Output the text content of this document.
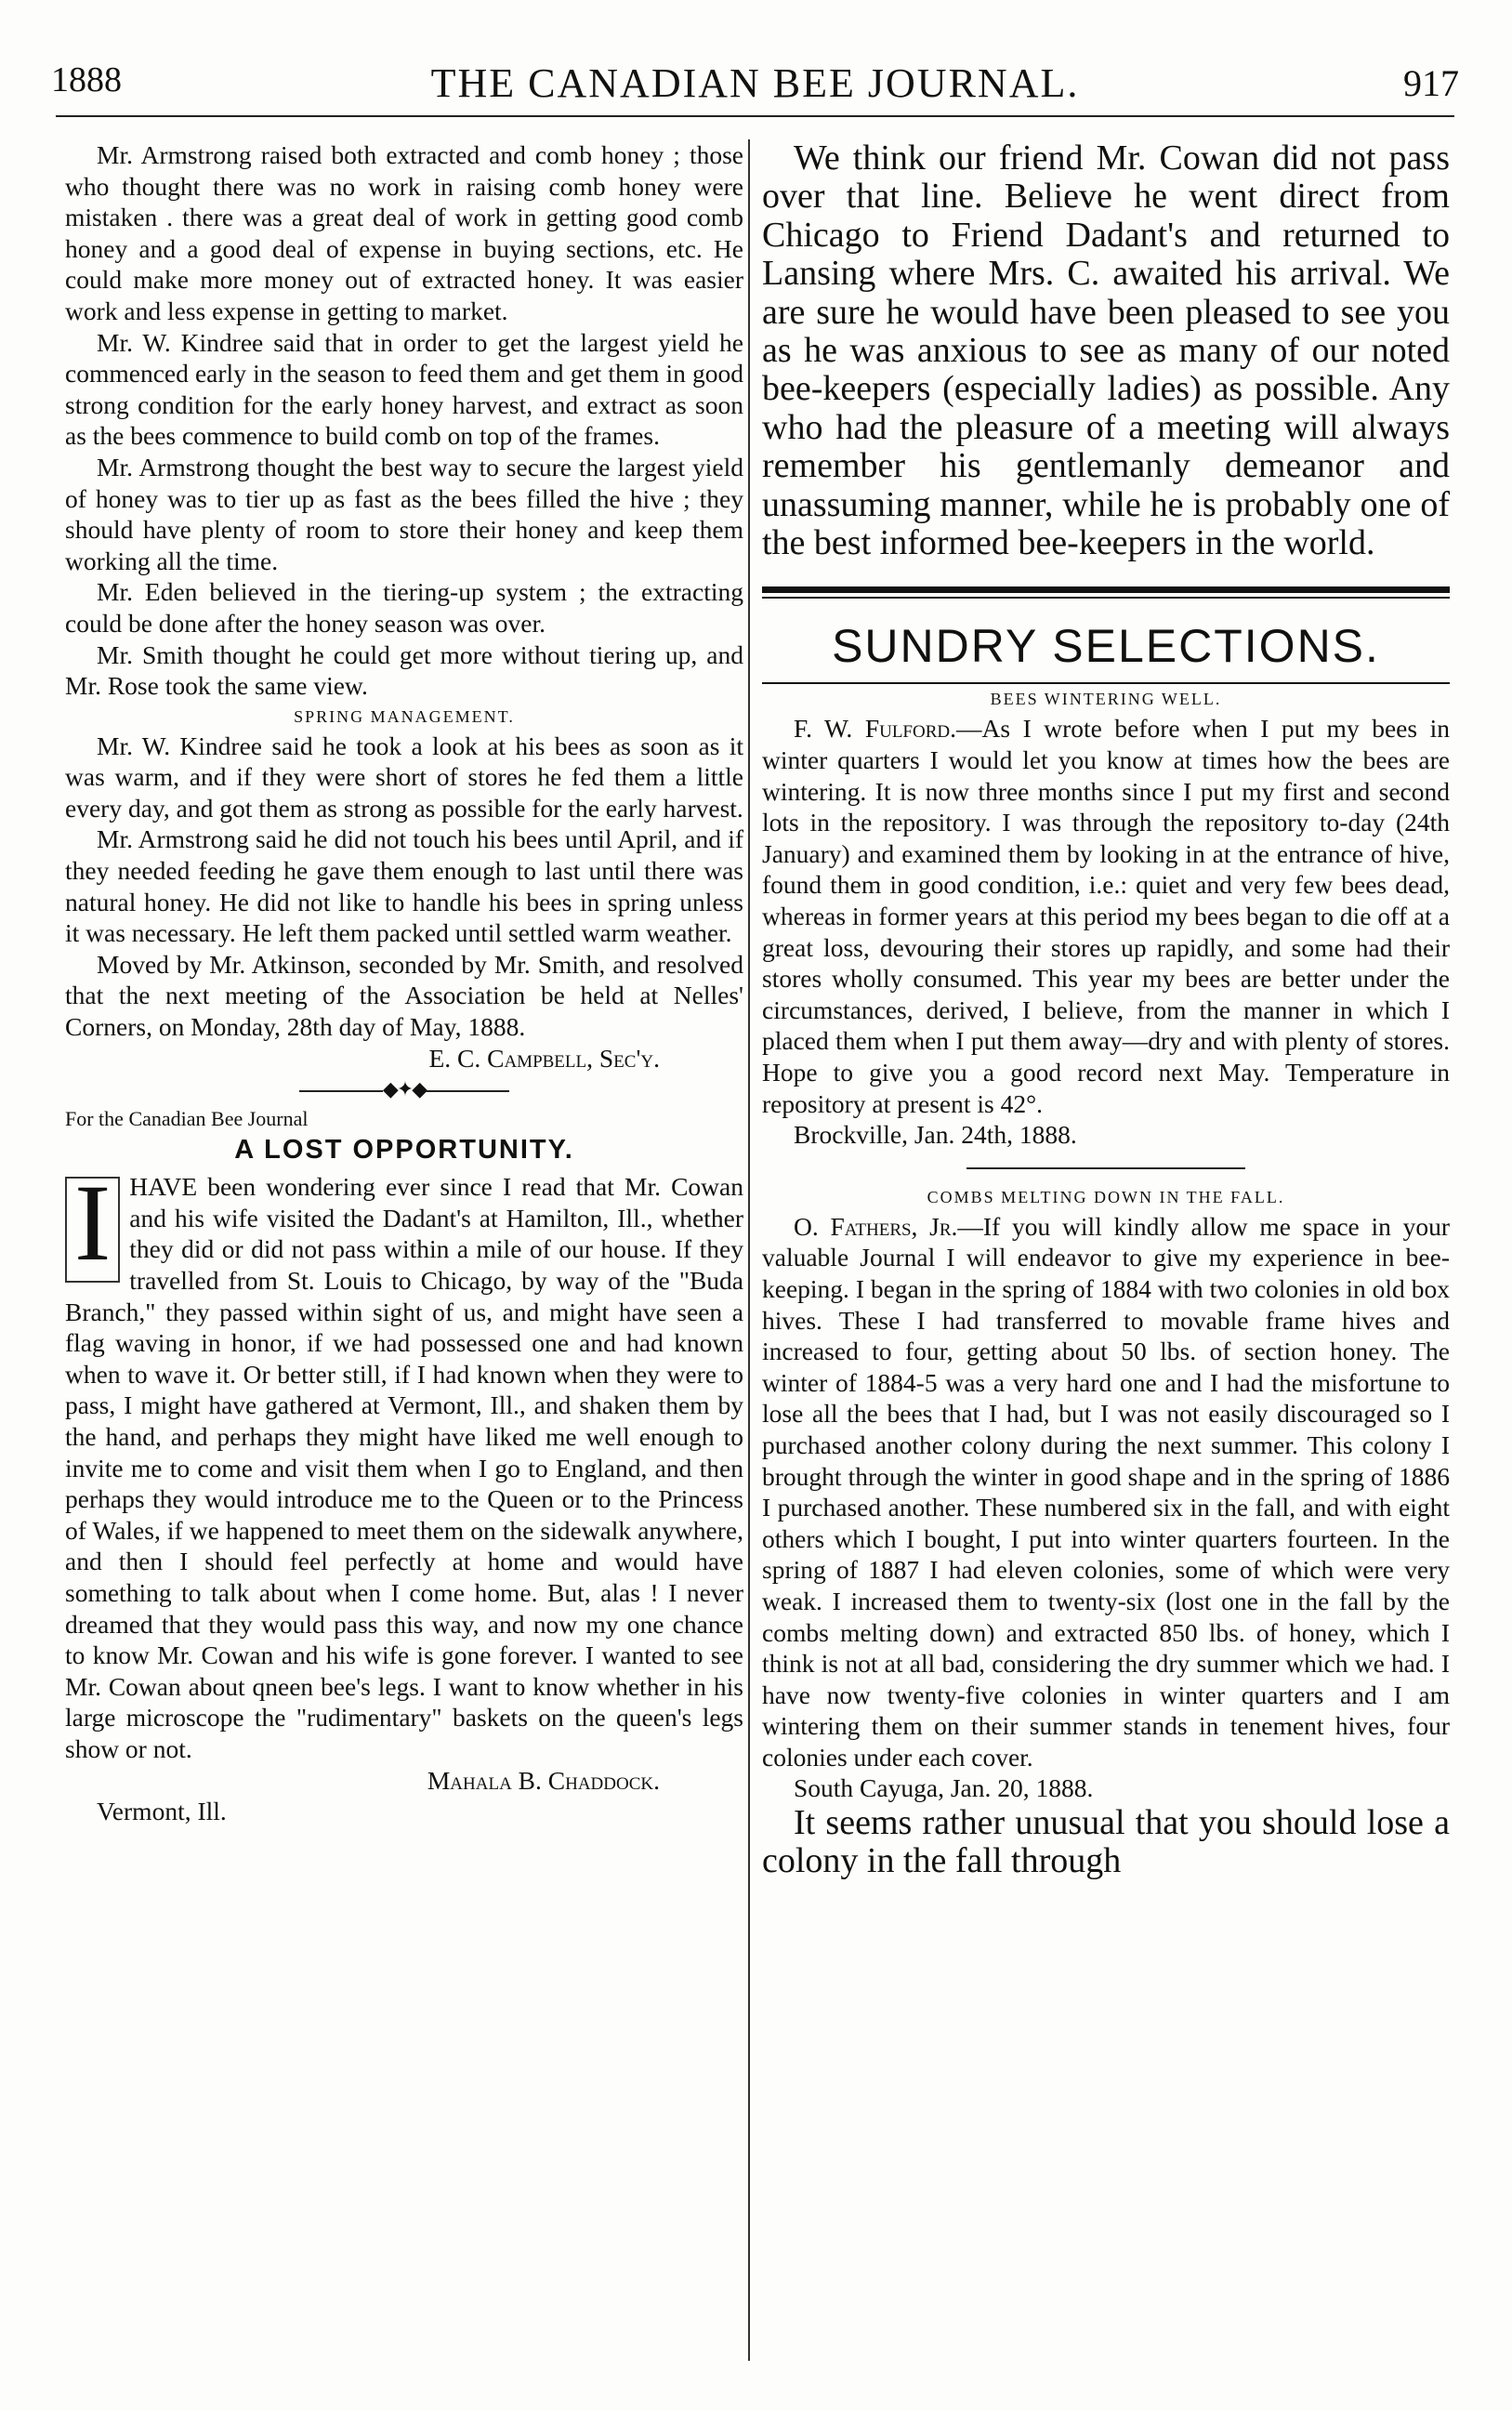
1888	THE CANADIAN BEE JOURNAL.	917

Mr. Armstrong raised both extracted and comb honey ; those who thought there was no work in raising comb honey were mistaken . there was a great deal of work in getting good comb honey and a good deal of expense in buying sections, etc. He could make more money out of extracted honey. It was easier work and less expense in getting to market.

Mr. W. Kindree said that in order to get the largest yield he commenced early in the season to feed them and get them in good strong condition for the early honey harvest, and extract as soon as the bees commence to build comb on top of the frames.

Mr. Armstrong thought the best way to secure the largest yield of honey was to tier up as fast as the bees filled the hive ; they should have plenty of room to store their honey and keep them working all the time.

Mr. Eden believed in the tiering-up system ; the extracting could be done after the honey season was over.

Mr. Smith thought he could get more without tiering up, and Mr. Rose took the same view.

SPRING MANAGEMENT.

Mr. W. Kindree said he took a look at his bees as soon as it was warm, and if they were short of stores he fed them a little every day, and got them as strong as possible for the early harvest.

Mr. Armstrong said he did not touch his bees until April, and if they needed feeding he gave them enough to last until there was natural honey. He did not like to handle his bees in spring unless it was necessary. He left them packed until settled warm weather.

Moved by Mr. Atkinson, seconded by Mr. Smith, and resolved that the next meeting of the Association be held at Nelles' Corners, on Monday, 28th day of May, 1888.

E. C. Campbell, Sec'y.

◆✦◆
For the Canadian Bee Journal
A LOST OPPORTUNITY.
I HAVE been wondering ever since I read that Mr. Cowan and his wife visited the Dadant's at Hamilton, Ill., whether they did or did not pass within a mile of our house. If they travelled from St. Louis to Chicago, by way of the "Buda Branch," they passed within sight of us, and might have seen a flag waving in honor, if we had possessed one and had known when to wave it. Or better still, if I had known when they were to pass, I might have gathered at Vermont, Ill., and shaken them by the hand, and perhaps they might have liked me well enough to invite me to come and visit them when I go to England, and then perhaps they would introduce me to the Queen or to the Princess of Wales, if we happened to meet them on the sidewalk anywhere, and then I should feel perfectly at home and would have something to talk about when I come home. But, alas ! I never dreamed that they would pass this way, and now my one chance to know Mr. Cowan and his wife is gone forever. I wanted to see Mr. Cowan about qneen bee's legs. I want to know whether in his large microscope the "rudimentary" baskets on the queen's legs show or not.

Mahala B. Chaddock.

Vermont, Ill.

We think our friend Mr. Cowan did not pass over that line. Believe he went direct from Chicago to Friend Dadant's and returned to Lansing where Mrs. C. awaited his arrival. We are sure he would have been pleased to see you as he was anxious to see as many of our noted bee-keepers (especially ladies) as possible. Any who had the pleasure of a meeting will always remember his gentlemanly demeanor and unassuming manner, while he is probably one of the best informed bee-keepers in the world.

SUNDRY SELECTIONS.
BEES WINTERING WELL.

F. W. Fulford.—As I wrote before when I put my bees in winter quarters I would let you know at times how the bees are wintering. It is now three months since I put my first and second lots in the repository. I was through the repository to-day (24th January) and examined them by looking in at the entrance of hive, found them in good condition, i.e.: quiet and very few bees dead, whereas in former years at this period my bees began to die off at a great loss, devouring their stores up rapidly, and some had their stores wholly consumed. This year my bees are better under the circumstances, derived, I believe, from the manner in which I placed them when I put them away—dry and with plenty of stores. Hope to give you a good record next May. Temperature in repository at present is 42°.

Brockville, Jan. 24th, 1888.

COMBS MELTING DOWN IN THE FALL.

O. Fathers, Jr.—If you will kindly allow me space in your valuable Journal I will endeavor to give my experience in bee-keeping. I began in the spring of 1884 with two colonies in old box hives. These I had transferred to movable frame hives and increased to four, getting about 50 lbs. of section honey. The winter of 1884-5 was a very hard one and I had the misfortune to lose all the bees that I had, but I was not easily discouraged so I purchased another colony during the next summer. This colony I brought through the winter in good shape and in the spring of 1886 I purchased another. These numbered six in the fall, and with eight others which I bought, I put into winter quarters fourteen. In the spring of 1887 I had eleven colonies, some of which were very weak. I increased them to twenty-six (lost one in the fall by the combs melting down) and extracted 850 lbs. of honey, which I think is not at all bad, considering the dry summer which we had. I have now twenty-five colonies in winter quarters and I am wintering them on their summer stands in tenement hives, four colonies under each cover.

South Cayuga, Jan. 20, 1888.

It seems rather unusual that you should lose a colony in the fall through
